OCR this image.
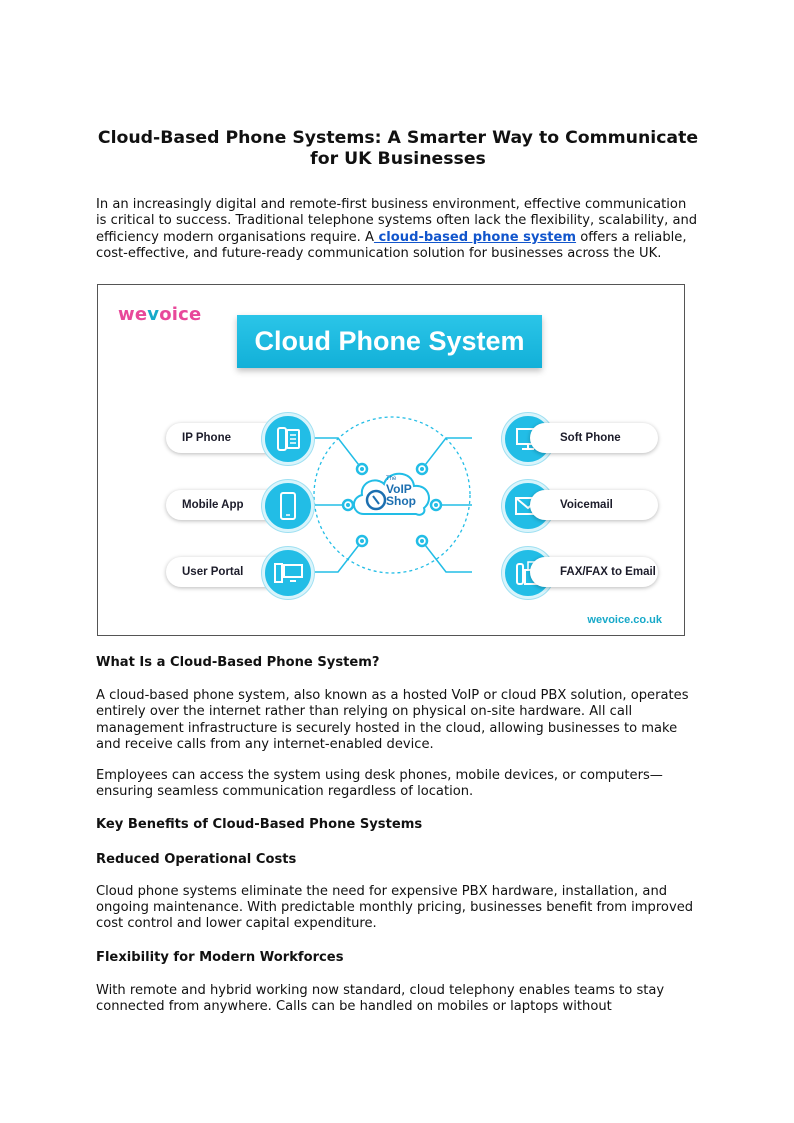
Cloud-Based Phone Systems: A Smarter Way to Communicate for UK Businesses

In an increasingly digital and remote-first business environment, effective communication is critical to success. Traditional telephone systems often lack the flexibility, scalability, and efficiency modern organisations require. A cloud-based phone system offers a reliable, cost-effective, and future-ready communication solution for businesses across the UK.

wevoice
Cloud Phone System
The
VoIP
Shop
IP Phone
Mobile App
User Portal
Soft Phone
Voicemail
FAX/FAX to Email
wevoice.co.uk
What Is a Cloud-Based Phone System?

A cloud-based phone system, also known as a hosted VoIP or cloud PBX solution, operates entirely over the internet rather than relying on physical on-site hardware. All call management infrastructure is securely hosted in the cloud, allowing businesses to make and receive calls from any internet-enabled device.

Employees can access the system using desk phones, mobile devices, or computers—ensuring seamless communication regardless of location.

Key Benefits of Cloud-Based Phone Systems
Reduced Operational Costs

Cloud phone systems eliminate the need for expensive PBX hardware, installation, and ongoing maintenance. With predictable monthly pricing, businesses benefit from improved cost control and lower capital expenditure.

Flexibility for Modern Workforces

With remote and hybrid working now standard, cloud telephony enables teams to stay connected from anywhere. Calls can be handled on mobiles or laptops without
